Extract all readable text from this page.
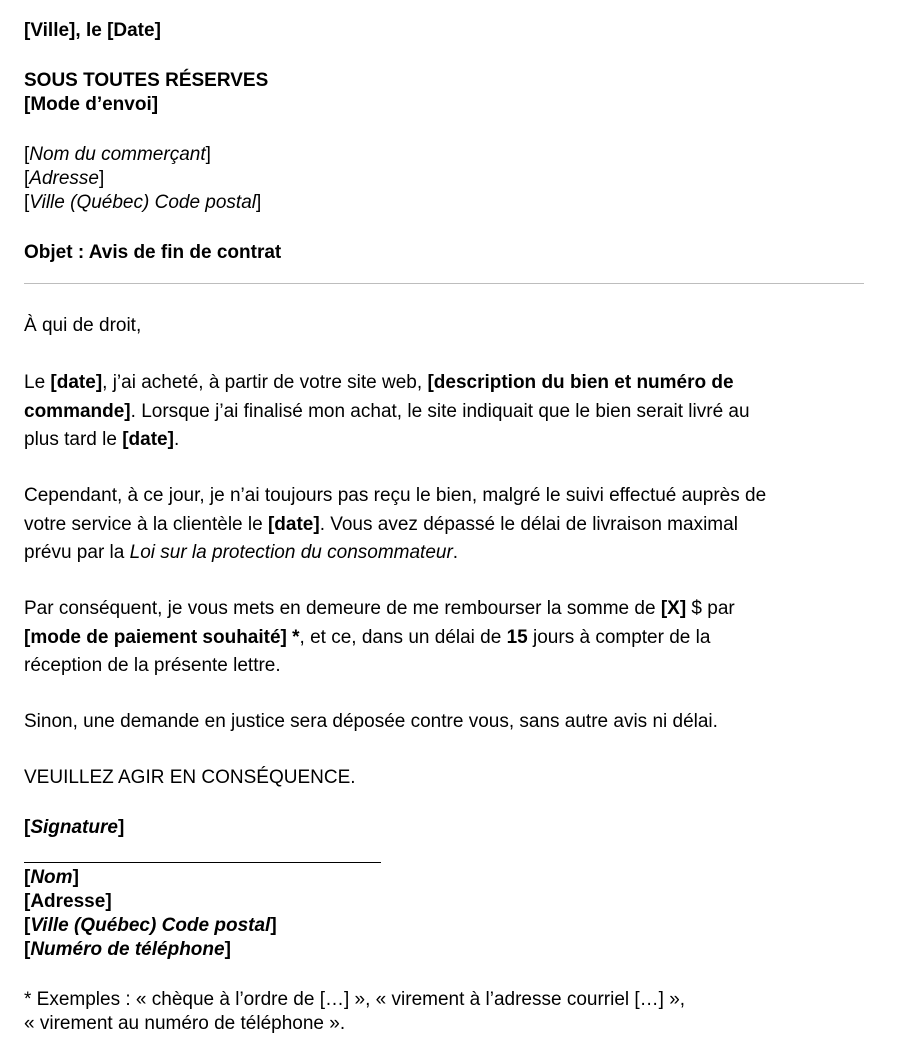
[Ville], le [Date]
SOUS TOUTES RÉSERVES
[Mode d’envoi]
[Nom du commerçant]
[Adresse]
[Ville (Québec) Code postal]
Objet : Avis de fin de contrat
À qui de droit,
Le [date], j’ai acheté, à partir de votre site web, [description du bien et numéro de
commande]. Lorsque j’ai finalisé mon achat, le site indiquait que le bien serait livré au
plus tard le [date].
Cependant, à ce jour, je n’ai toujours pas reçu le bien, malgré le suivi effectué auprès de
votre service à la clientèle le [date]. Vous avez dépassé le délai de livraison maximal
prévu par la Loi sur la protection du consommateur.
Par conséquent, je vous mets en demeure de me rembourser la somme de [X] $ par
[mode de paiement souhaité] *, et ce, dans un délai de 15 jours à compter de la
réception de la présente lettre.
Sinon, une demande en justice sera déposée contre vous, sans autre avis ni délai.
VEUILLEZ AGIR EN CONSÉQUENCE.
[Signature]
[Nom]
[Adresse]
[Ville (Québec) Code postal]
[Numéro de téléphone]
* Exemples : « chèque à l’ordre de […] », « virement à l’adresse courriel […] »,
« virement au numéro de téléphone ».
